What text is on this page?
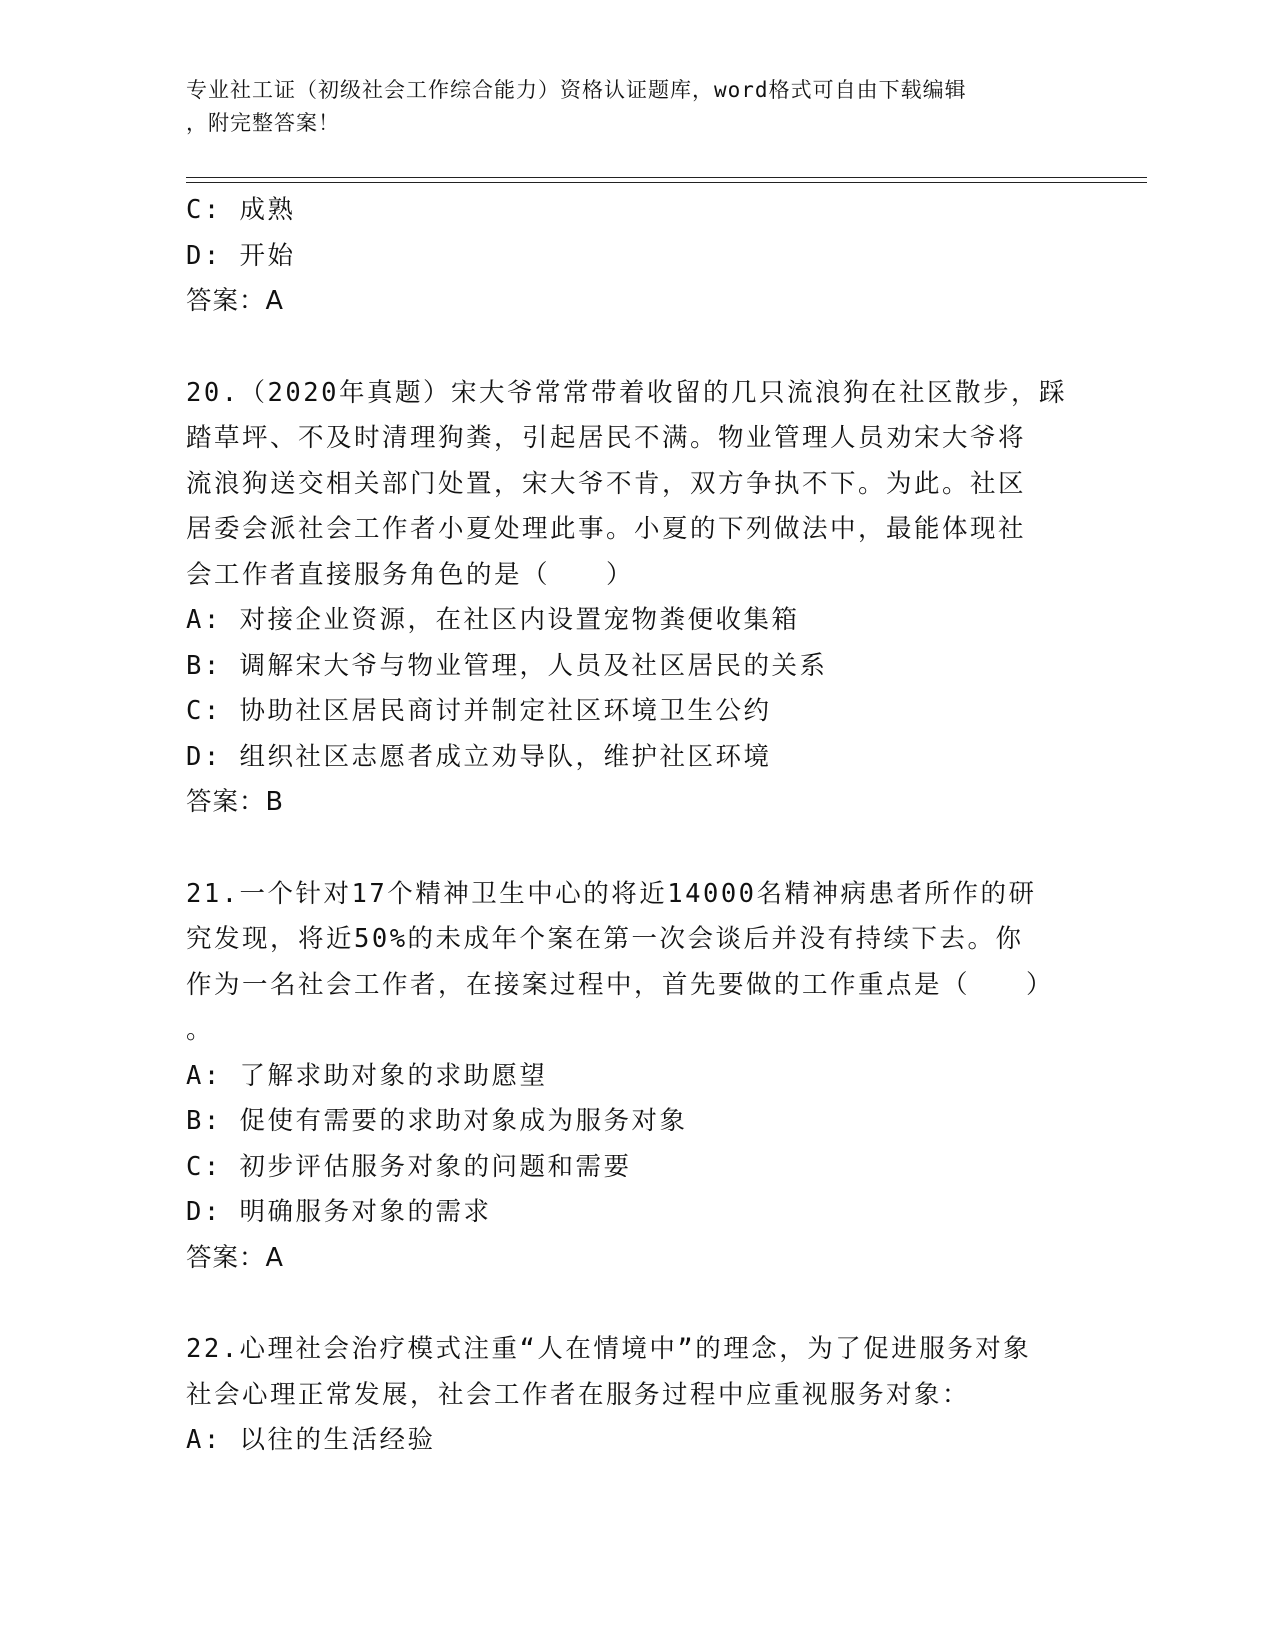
专业社工证（初级社会工作综合能力）资格认证题库，word格式可自由下载编辑
，附完整答案！
C: 成熟
D: 开始
答案：A
20.（2020年真题）宋大爷常常带着收留的几只流浪狗在社区散步，踩
踏草坪、不及时清理狗粪，引起居民不满。物业管理人员劝宋大爷将
流浪狗送交相关部门处置，宋大爷不肯，双方争执不下。为此。社区
居委会派社会工作者小夏处理此事。小夏的下列做法中，最能体现社
会工作者直接服务角色的是（　　）
A: 对接企业资源，在社区内设置宠物粪便收集箱
B: 调解宋大爷与物业管理，人员及社区居民的关系
C: 协助社区居民商讨并制定社区环境卫生公约
D: 组织社区志愿者成立劝导队，维护社区环境
答案：B
21.一个针对17个精神卫生中心的将近14000名精神病患者所作的研
究发现，将近50%的未成年个案在第一次会谈后并没有持续下去。你
作为一名社会工作者，在接案过程中，首先要做的工作重点是（　　）
。
A: 了解求助对象的求助愿望
B: 促使有需要的求助对象成为服务对象
C: 初步评估服务对象的问题和需要
D: 明确服务对象的需求
答案：A
22.心理社会治疗模式注重“人在情境中”的理念，为了促进服务对象
社会心理正常发展，社会工作者在服务过程中应重视服务对象：
A: 以往的生活经验
